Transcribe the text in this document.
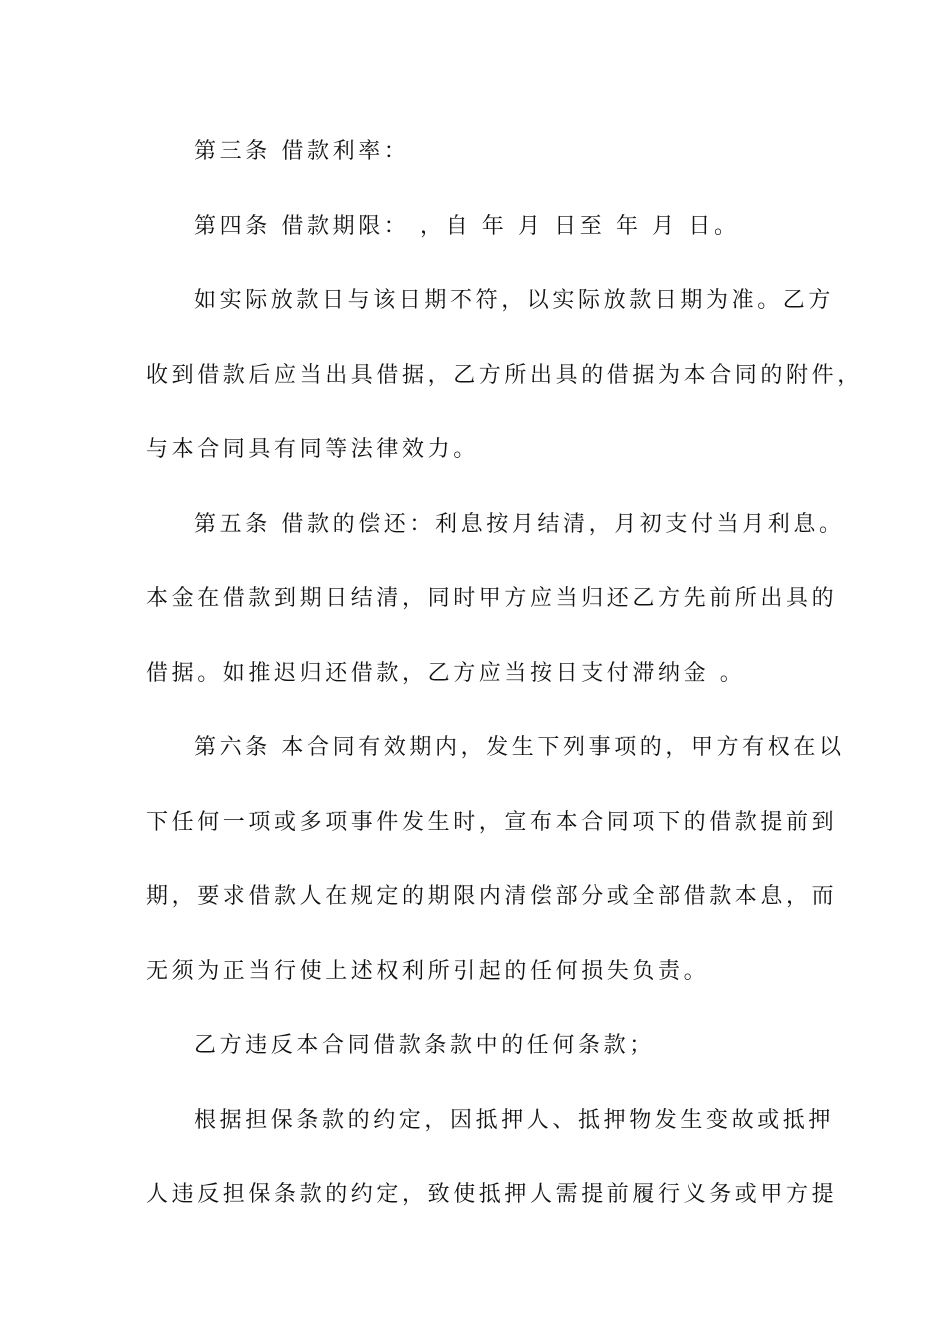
第三条 借款利率：
第四条 借款期限： ，自 年 月 日至 年 月 日。
如实际放款日与该日期不符，以实际放款日期为准。乙方
收到借款后应当出具借据，乙方所出具的借据为本合同的附件，
与本合同具有同等法律效力。
第五条 借款的偿还：利息按月结清，月初支付当月利息。
本金在借款到期日结清，同时甲方应当归还乙方先前所出具的
借据。如推迟归还借款，乙方应当按日支付滞纳金 。
第六条 本合同有效期内，发生下列事项的，甲方有权在以
下任何一项或多项事件发生时，宣布本合同项下的借款提前到
期，要求借款人在规定的期限内清偿部分或全部借款本息，而
无须为正当行使上述权利所引起的任何损失负责。
乙方违反本合同借款条款中的任何条款；
根据担保条款的约定，因抵押人、抵押物发生变故或抵押
人违反担保条款的约定，致使抵押人需提前履行义务或甲方提
